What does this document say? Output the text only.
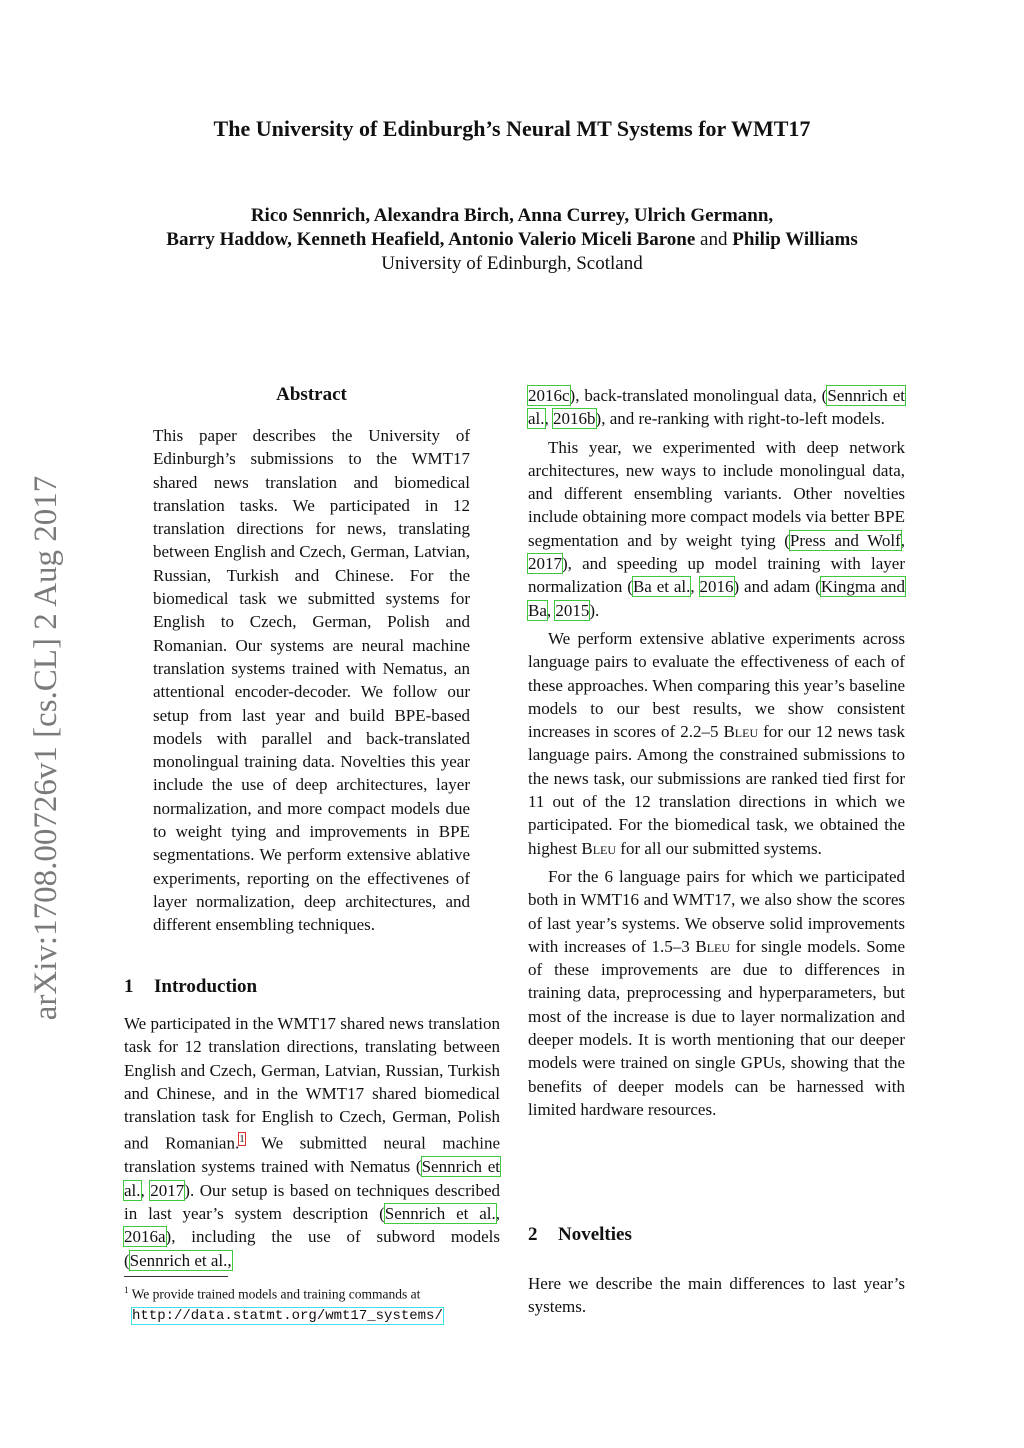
The University of Edinburgh’s Neural MT Systems for WMT17
Rico Sennrich, Alexandra Birch, Anna Currey, Ulrich Germann,
Barry Haddow, Kenneth Heafield, Antonio Valerio Miceli Barone and Philip Williams
University of Edinburgh, Scotland
arXiv:1708.00726v1 [cs.CL] 2 Aug 2017
Abstract

This paper describes the University of Edinburgh’s submissions to the WMT17 shared news translation and biomedical translation tasks. We participated in 12 translation directions for news, translating between English and Czech, German, Latvian, Russian, Turkish and Chinese. For the biomedical task we submitted systems for English to Czech, German, Polish and Romanian. Our systems are neural machine translation systems trained with Nematus, an attentional encoder-decoder. We follow our setup from last year and build BPE-based models with parallel and back-translated monolingual training data. Novelties this year include the use of deep architectures, layer normalization, and more compact models due to weight tying and improvements in BPE segmentations. We perform extensive ablative experiments, reporting on the effectivenes of layer normalization, deep architectures, and different ensembling techniques.

1 Introduction

We participated in the WMT17 shared news translation task for 12 translation directions, translating between English and Czech, German, Latvian, Russian, Turkish and Chinese, and in the WMT17 shared biomedical translation task for English to Czech, German, Polish and Romanian.$^1$ We submitted neural machine translation systems trained with Nematus (Sennrich et al., 2017). Our setup is based on techniques described in last year’s system description (Sennrich et al., 2016a), including the use of subword models (Sennrich et al.,

2016c), back-translated monolingual data, (Sennrich et al., 2016b), and re-ranking with right-to-left models.

This year, we experimented with deep network architectures, new ways to include monolingual data, and different ensembling variants. Other novelties include obtaining more compact models via better BPE segmentation and by weight tying (Press and Wolf, 2017), and speeding up model training with layer normalization (Ba et al., 2016) and adam (Kingma and Ba, 2015).

We perform extensive ablative experiments across language pairs to evaluate the effectiveness of each of these approaches. When comparing this year’s baseline models to our best results, we show consistent increases in scores of 2.2–5 Bleu for our 12 news task language pairs. Among the constrained submissions to the news task, our submissions are ranked tied first for 11 out of the 12 translation directions in which we participated. For the biomedical task, we obtained the highest Bleu for all our submitted systems.

For the 6 language pairs for which we participated both in WMT16 and WMT17, we also show the scores of last year’s systems. We observe solid improvements with increases of 1.5–3 Bleu for single models. Some of these improvements are due to differences in training data, preprocessing and hyperparameters, but most of the increase is due to layer normalization and deeper models. It is worth mentioning that our deeper models were trained on single GPUs, showing that the benefits of deeper models can be harnessed with limited hardware resources.

2 Novelties

Here we describe the main differences to last year’s systems.

$^1$ We provide trained models and training commands at
http://data.statmt.org/wmt17_systems/
